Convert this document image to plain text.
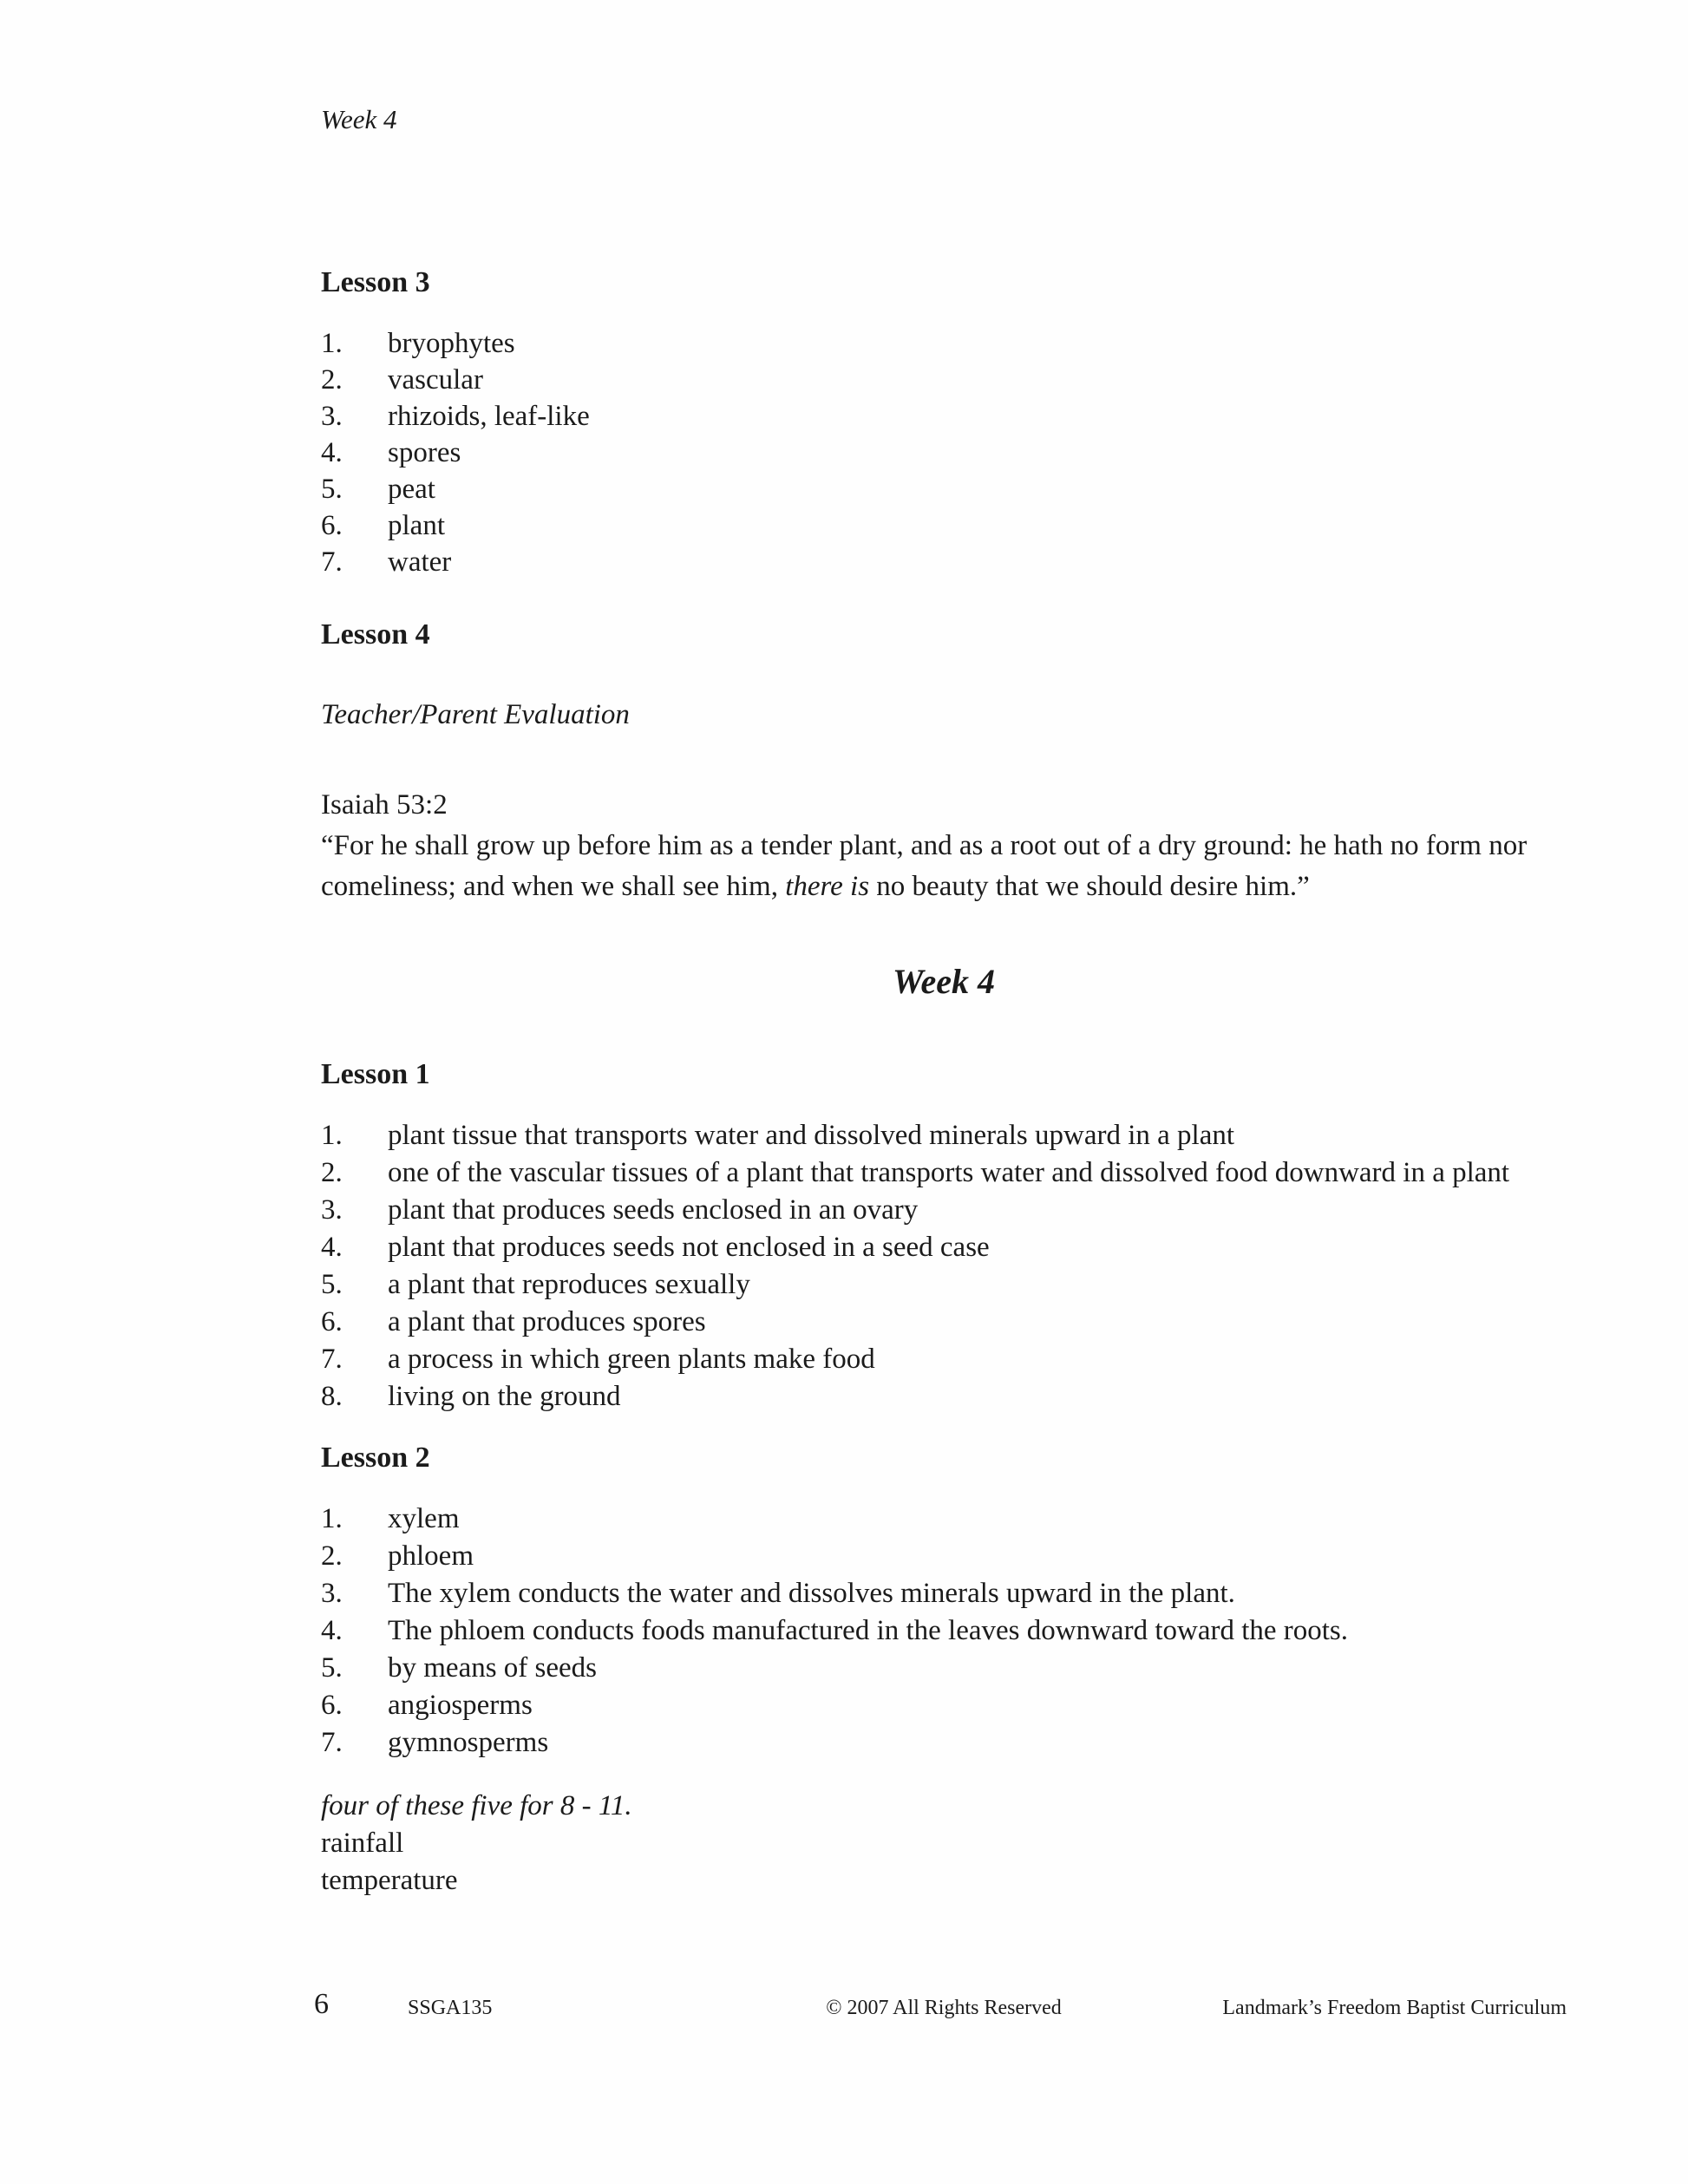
Week 4
Lesson 3
1.	bryophytes
2.	vascular
3.	rhizoids, leaf-like
4.	spores
5.	peat
6.	plant
7.	water
Lesson 4
Teacher/Parent Evaluation
Isaiah 53:2

“For he shall grow up before him as a tender plant, and as a root out of a dry ground: he hath no form nor comeliness; and when we shall see him, there is no beauty that we should desire him.”

Week 4
Lesson 1
1.	plant tissue that transports water and dissolved minerals upward in a plant
2.	one of the vascular tissues of a plant that transports water and dissolved food downward in a plant
3.	plant that produces seeds enclosed in an ovary
4.	plant that produces seeds not enclosed in a seed case
5.	a plant that reproduces sexually
6.	a plant that produces spores
7.	a process in which green plants make food
8.	living on the ground
Lesson 2
1.	xylem
2.	phloem
3.	The xylem conducts the water and dissolves minerals upward in the plant.
4.	The phloem conducts foods manufactured in the leaves downward toward the roots.
5.	by means of seeds
6.	angiosperms
7.	gymnosperms
four of these five for 8 - 11.
rainfall
temperature
6	SSGA135	© 2007 All Rights Reserved	Landmark’s Freedom Baptist Curriculum
